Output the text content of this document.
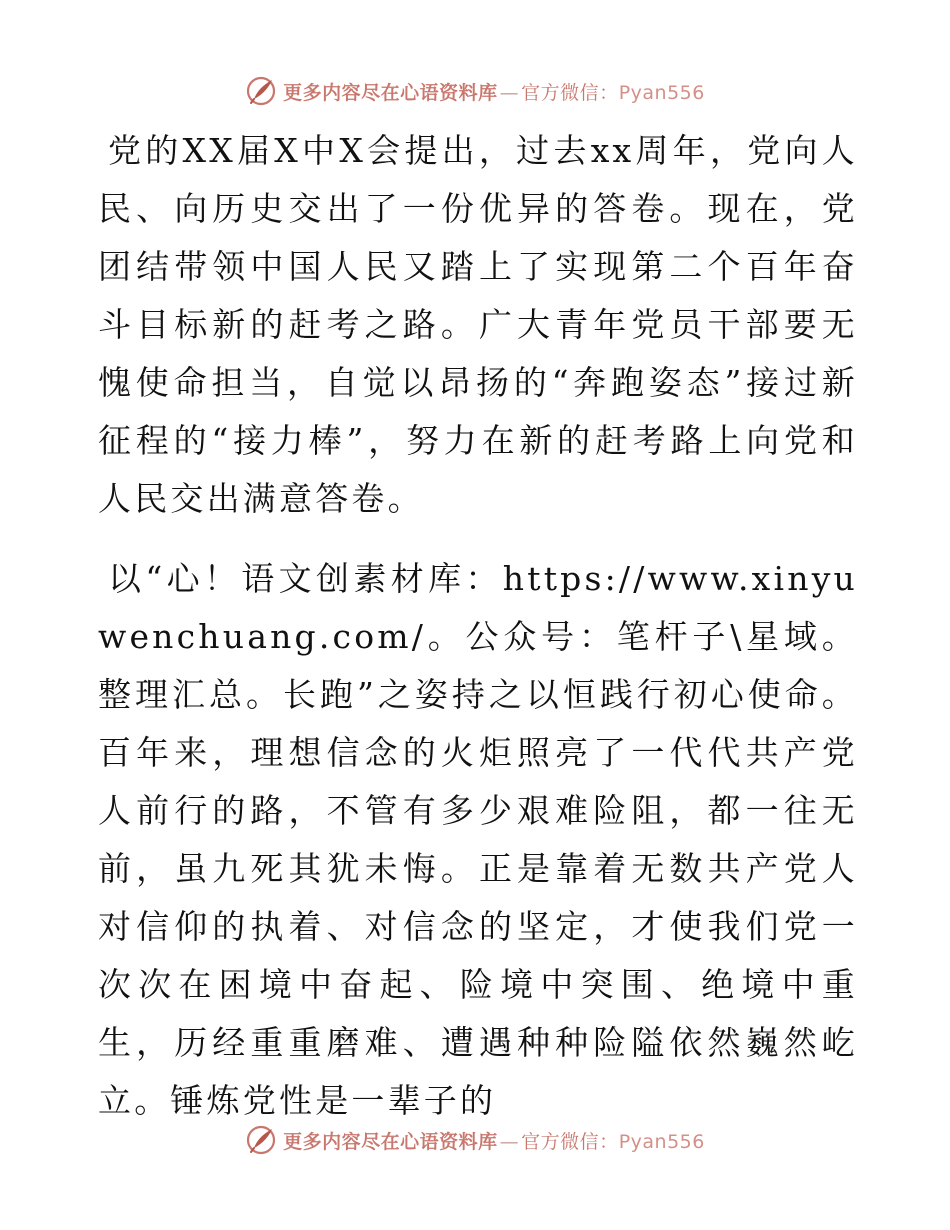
更多内容尽在心语资料库 — 官方微信：Pyan556

党的XX届X中X会提出，过去xx周年，党向人民、向历史交出了一份优异的答卷。现在，党团结带领中国人民又踏上了实现第二个百年奋斗目标新的赶考之路。广大青年党员干部要无愧使命担当，自觉以昂扬的“奔跑姿态”接过新征程的“接力棒”，努力在新的赶考路上向党和人民交出满意答卷。

以“心！语文创素材库：https://www.xinyuwenchuang.com/。公众号：笔杆子\星域。整理汇总。长跑”之姿持之以恒践行初心使命。百年来，理想信念的火炬照亮了一代代共产党人前行的路，不管有多少艰难险阻，都一往无前，虽九死其犹未悔。正是靠着无数共产党人对信仰的执着、对信念的坚定，才使我们党一次次在困境中奋起、险境中突围、绝境中重生，历经重重磨难、遭遇种种险隘依然巍然屹立。锤炼党性是一辈子的

更多内容尽在心语资料库 — 官方微信：Pyan556
